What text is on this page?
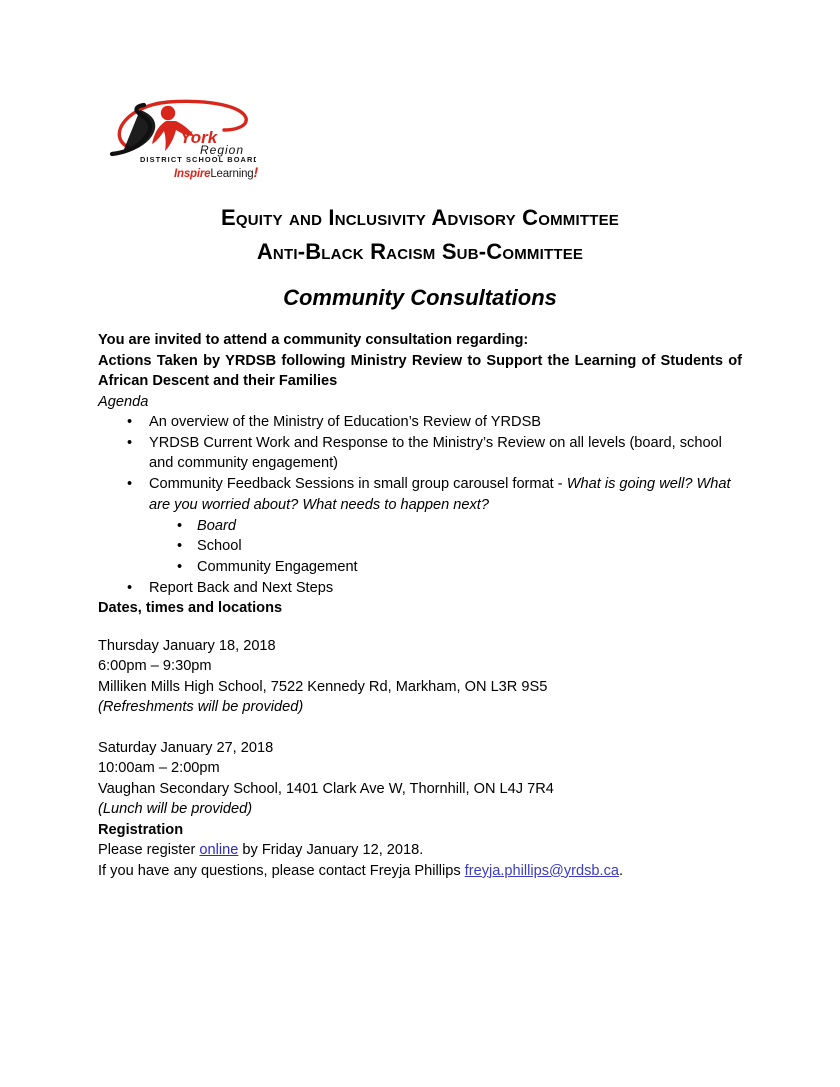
York
Region
DISTRICT SCHOOL BOARD
InspireLearning!
Equity and Inclusivity Advisory Committee
Anti-Black Racism Sub-Committee
Community Consultations

You are invited to attend a community consultation regarding:

Actions Taken by YRDSB following Ministry Review to Support the Learning of Students of African Descent and their Families

Agenda

• An overview of the Ministry of Education’s Review of YRDSB
• YRDSB Current Work and Response to the Ministry’s Review on all levels (board, school and community engagement)
• Community Feedback Sessions in small group carousel format - What is going well? What are you worried about? What needs to happen next?
• Board
• School
• Community Engagement
• Report Back and Next Steps

Dates, times and locations

Thursday January 18, 2018

6:00pm – 9:30pm

Milliken Mills High School, 7522 Kennedy Rd, Markham, ON L3R 9S5

(Refreshments will be provided)

Saturday January 27, 2018

10:00am – 2:00pm

Vaughan Secondary School, 1401 Clark Ave W, Thornhill, ON L4J 7R4

(Lunch will be provided)

Registration

Please register online by Friday January 12, 2018.

If you have any questions, please contact Freyja Phillips freyja.phillips@yrdsb.ca.
